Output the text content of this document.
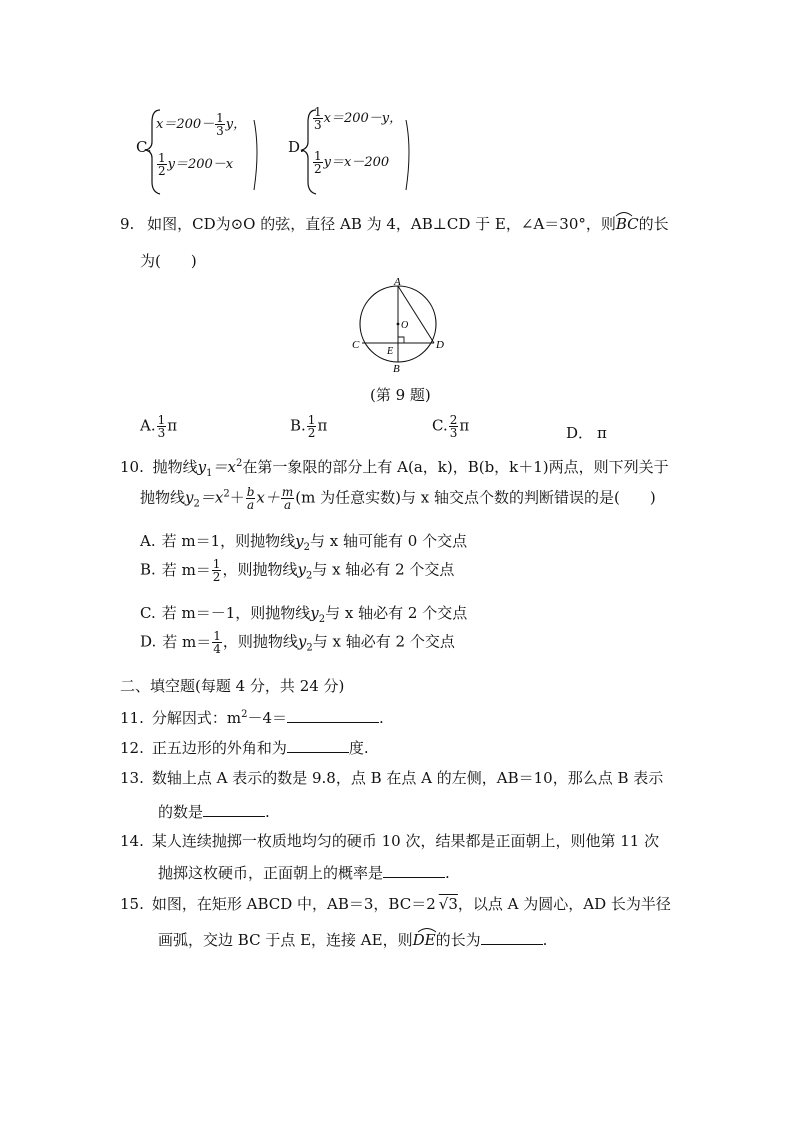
C.
$x=200- \frac{1}{3}$ y，
$\frac{1}{2} y=200-x$
D.
$\frac{1}{3} x=200-y$，
$\frac{1}{2} y=x-200$
9. 如图，CD为⊙O 的弦，直径 AB 为 4，AB⊥CD 于 E，∠A＝30°，则BC的长
为(　　)
A
O
C
E
D
B
(第 9 题)
A. $\frac{1}{3}$ π	B. $\frac{1}{2}$ π	C. $\frac{2}{3}$ π	D． π
10. 抛物线$y_1=x^2$在第一象限的部分上有 A(a，k)，B(b，k＋1)两点，则下列关于
抛物线$y_2=x^2+ \frac{b}{a} x+ \frac{m}{a} (m$ 为任意实数)与 x 轴交点个数的判断错误的是(　　)
A. 若 m＝1，则抛物线$y_2$与 x 轴可能有 0 个交点
B. 若 $m= \frac{1}{2}$ ，则抛物线$y_2$与 x 轴必有 2 个交点
C. 若 m＝－1，则抛物线$y_2$与 x 轴必有 2 个交点
D. 若 $m= \frac{1}{4}$ ，则抛物线$y_2$与 x 轴必有 2 个交点
二、填空题(每题 4 分，共 24 分)
11. 分解因式：$m^2-4=$	.
12. 正五边形的外角和为	度.
13. 数轴上点 A 表示的数是 9.8，点 B 在点 A 的左侧，AB＝10，那么点 B 表示
的数是	.
14. 某人连续抛掷一枚质地均匀的硬币 10 次，结果都是正面朝上，则他第 11 次
抛掷这枚硬币，正面朝上的概率是	.
15. 如图，在矩形 ABCD 中，AB＝3，BC＝2 √3，以点 A 为圆心，AD 长为半径
画弧，交边 BC 于点 E，连接 AE，则DE的长为	.
